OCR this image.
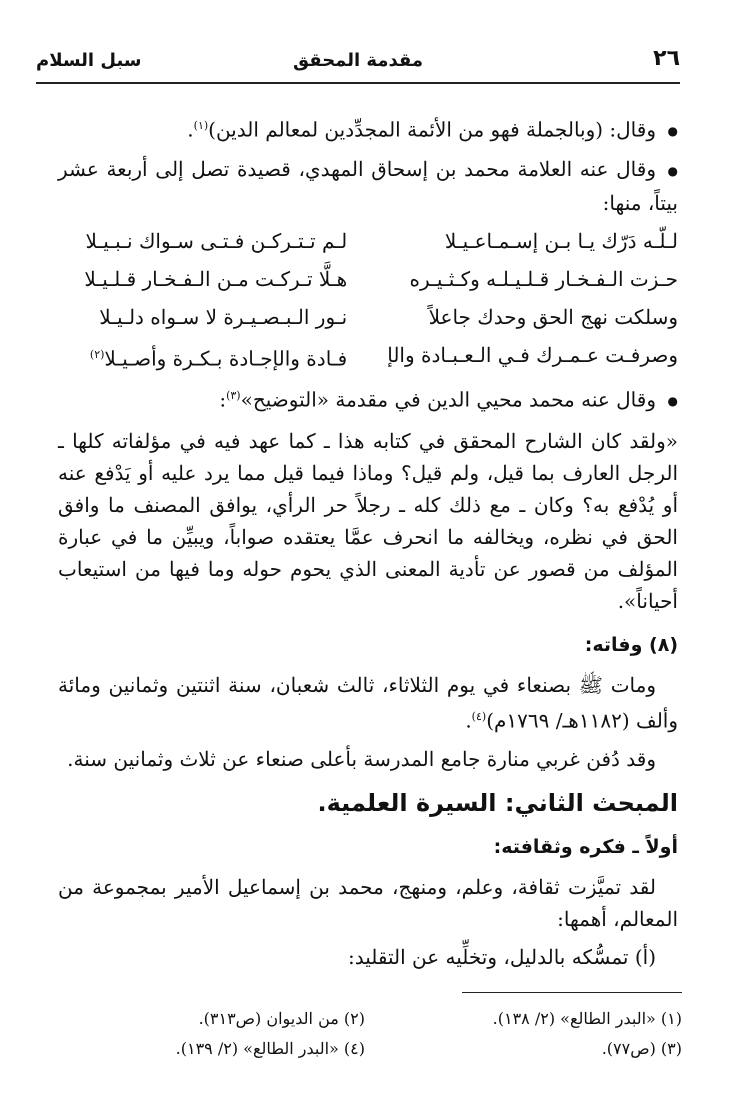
٢٦
مقدمة المحقق
سبل السلام

● وقال: (وبالجملة فهو من الأئمة المجدِّدين لمعالم الدين)$^{(١)}$.

● وقال عنه العلامة محمد بن إسحاق المهدي، قصيدة تصل إلى أربعة عشر بيتاً، منها:

لـلّـه دَرّك يـا بـن إسـمـاعـيـلا
لـم تـتـركـن فـتـى سـواك نـبـيـلا
حـزت الـفـخـار قـلـيـلـه وكـثـيـره
هـلَّا تـركـت مـن الـفـخـار قـلـيـلا
وسلكت نهج الحق وحدك جاعلاً
نـور الـبـصـيـرة لا سـواه دلـيـلا
وصرفـت عـمـرك فـي الـعـبـادة والإ
فـادة والإجـادة بـكـرة وأصـيـلا$^{(٢)}$

● وقال عنه محمد محيي الدين في مقدمة «التوضيح»$^{(٣)}$:

«ولقد كان الشارح المحقق في كتابه هذا ـ كما عهد فيه في مؤلفاته كلها ـ الرجل العارف بما قيل، ولم قيل؟ وماذا فيما قيل مما يرد عليه أو يَدْفع عنه أو يُدْفع به؟ وكان ـ مع ذلك كله ـ رجلاً حر الرأي، يوافق المصنف ما وافق الحق في نظره، ويخالفه ما انحرف عمَّا يعتقده صواباً، ويبيِّن ما في عبارة المؤلف من قصور عن تأدية المعنى الذي يحوم حوله وما فيها من استيعاب أحياناً».

(٨) وفاته:

ومات ﷺ بصنعاء في يوم الثلاثاء، ثالث شعبان، سنة اثنتين وثمانين ومائة وألف (١١٨٢هـ/ ١٧٦٩م)$^{(٤)}$.

وقد دُفن غربي منارة جامع المدرسة بأعلى صنعاء عن ثلاث وثمانين سنة.

المبحث الثاني: السيرة العلمية.
أولاً ـ فكره وثقافته:

لقد تميَّزت ثقافة، وعلم، ومنهج، محمد بن إسماعيل الأمير بمجموعة من المعالم، أهمها:

(أ) تمسُّكه بالدليل، وتخلِّيه عن التقليد:

(١) «البدر الطالع» (٢/ ١٣٨).
(٢) من الديوان (ص٣١٣).
(٣) (ص٧٧).
(٤) «البدر الطالع» (٢/ ١٣٩).
